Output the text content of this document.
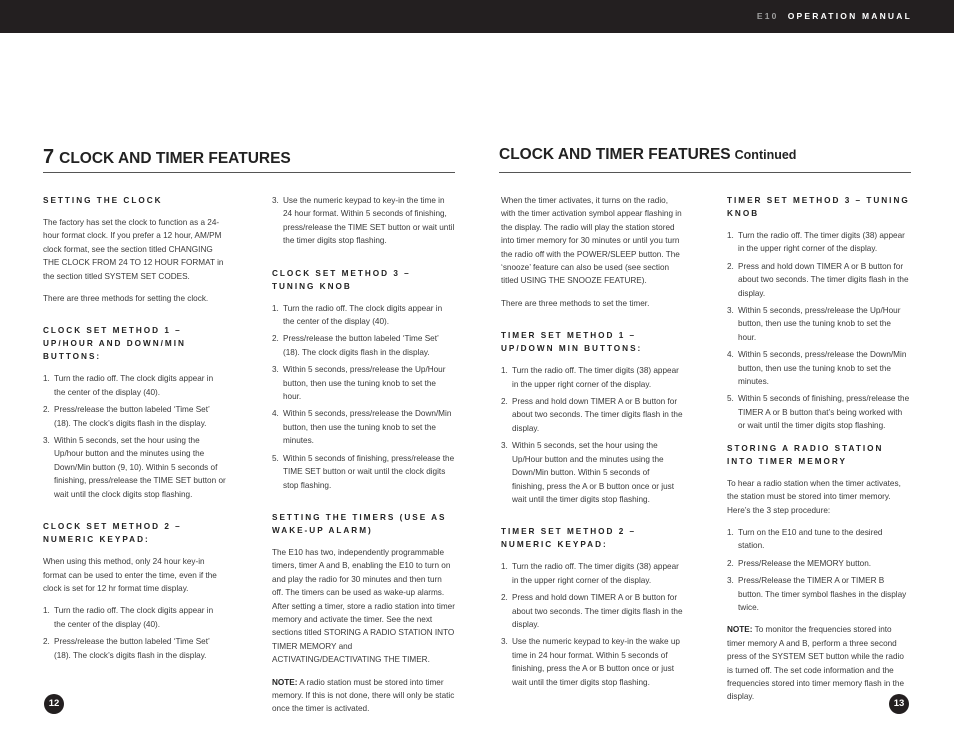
E10 OPERATION MANUAL
7 CLOCK AND TIMER FEATURES	CLOCK AND TIMER FEATURES Continued
SETTING THE CLOCK

The factory has set the clock to function as a 24-hour format clock. If you prefer a 12 hour, AM/PM clock format, see the section titled CHANGING THE CLOCK FROM 24 TO 12 HOUR FORMAT in the section titled SYSTEM SET CODES.

There are three methods for setting the clock.

CLOCK SET METHOD 1 – UP/HOUR AND DOWN/MIN BUTTONS:
1. Turn the radio off. The clock digits appear in the center of the display (40).
2. Press/release the button labeled ‘Time Set’ (18). The clock’s digits flash in the display.
3. Within 5 seconds, set the hour using the Up/hour button and the minutes using the Down/Min button (9, 10). Within 5 seconds of finishing, press/release the TIME SET button or wait until the clock digits stop flashing.
CLOCK SET METHOD 2 – NUMERIC KEYPAD:

When using this method, only 24 hour key-in format can be used to enter the time, even if the clock is set for 12 hr format time display.

1. Turn the radio off. The clock digits appear in the center of the display (40).
2. Press/release the button labeled ‘Time Set’ (18). The clock’s digits flash in the display.
3. Use the numeric keypad to key-in the time in 24 hour format. Within 5 seconds of finishing, press/release the TIME SET button or wait until the timer digits stop flashing.
CLOCK SET METHOD 3 – TUNING KNOB
1. Turn the radio off. The clock digits appear in the center of the display (40).
2. Press/release the button labeled ‘Time Set’ (18). The clock digits flash in the display.
3. Within 5 seconds, press/release the Up/Hour button, then use the tuning knob to set the hour.
4. Within 5 seconds, press/release the Down/Min button, then use the tuning knob to set the minutes.
5. Within 5 seconds of finishing, press/release the TIME SET button or wait until the clock digits stop flashing.
SETTING THE TIMERS (USE AS WAKE-UP ALARM)

The E10 has two, independently programmable timers, timer A and B, enabling the E10 to turn on and play the radio for 30 minutes and then turn off. The timers can be used as wake-up alarms. After setting a timer, store a radio station into timer memory and activate the timer. See the next sections titled STORING A RADIO STATION INTO TIMER MEMORY and ACTIVATING/DEACTIVATING THE TIMER.

NOTE: A radio station must be stored into timer memory. If this is not done, there will only be static once the timer is activated.

When the timer activates, it turns on the radio, with the timer activation symbol appear flashing in the display. The radio will play the station stored into timer memory for 30 minutes or until you turn the radio off with the POWER/SLEEP button. The ‘snooze’ feature can also be used (see section titled USING THE SNOOZE FEATURE).

There are three methods to set the timer.

TIMER SET METHOD 1 – UP/DOWN MIN BUTTONS:
1. Turn the radio off. The timer digits (38) appear in the upper right corner of the display.
2. Press and hold down TIMER A or B button for about two seconds. The timer digits flash in the display.
3. Within 5 seconds, set the hour using the Up/Hour button and the minutes using the Down/Min button. Within 5 seconds of finishing, press the A or B button once or just wait until the timer digits stop flashing.
TIMER SET METHOD 2 – NUMERIC KEYPAD:
1. Turn the radio off. The timer digits (38) appear in the upper right corner of the display.
2. Press and hold down TIMER A or B button for about two seconds. The timer digits flash in the display.
3. Use the numeric keypad to key-in the wake up time in 24 hour format. Within 5 seconds of finishing, press the A or B button once or just wait until the timer digits stop flashing.
TIMER SET METHOD 3 – TUNING KNOB
1. Turn the radio off. The timer digits (38) appear in the upper right corner of the display.
2. Press and hold down TIMER A or B button for about two seconds. The timer digits flash in the display.
3. Within 5 seconds, press/release the Up/Hour button, then use the tuning knob to set the hour.
4. Within 5 seconds, press/release the Down/Min button, then use the tuning knob to set the minutes.
5. Within 5 seconds of finishing, press/release the TIMER A or B button that’s being worked with or wait until the timer digits stop flashing.
STORING A RADIO STATION INTO TIMER MEMORY

To hear a radio station when the timer activates, the station must be stored into timer memory. Here’s the 3 step procedure:

1. Turn on the E10 and tune to the desired station.
2. Press/Release the MEMORY button.
3. Press/Release the TIMER A or TIMER B button. The timer symbol flashes in the display twice.

NOTE: To monitor the frequencies stored into timer memory A and B, perform a three second press of the SYSTEM SET button while the radio is turned off. The set code information and the frequencies stored into timer memory flash in the display.

12	13
